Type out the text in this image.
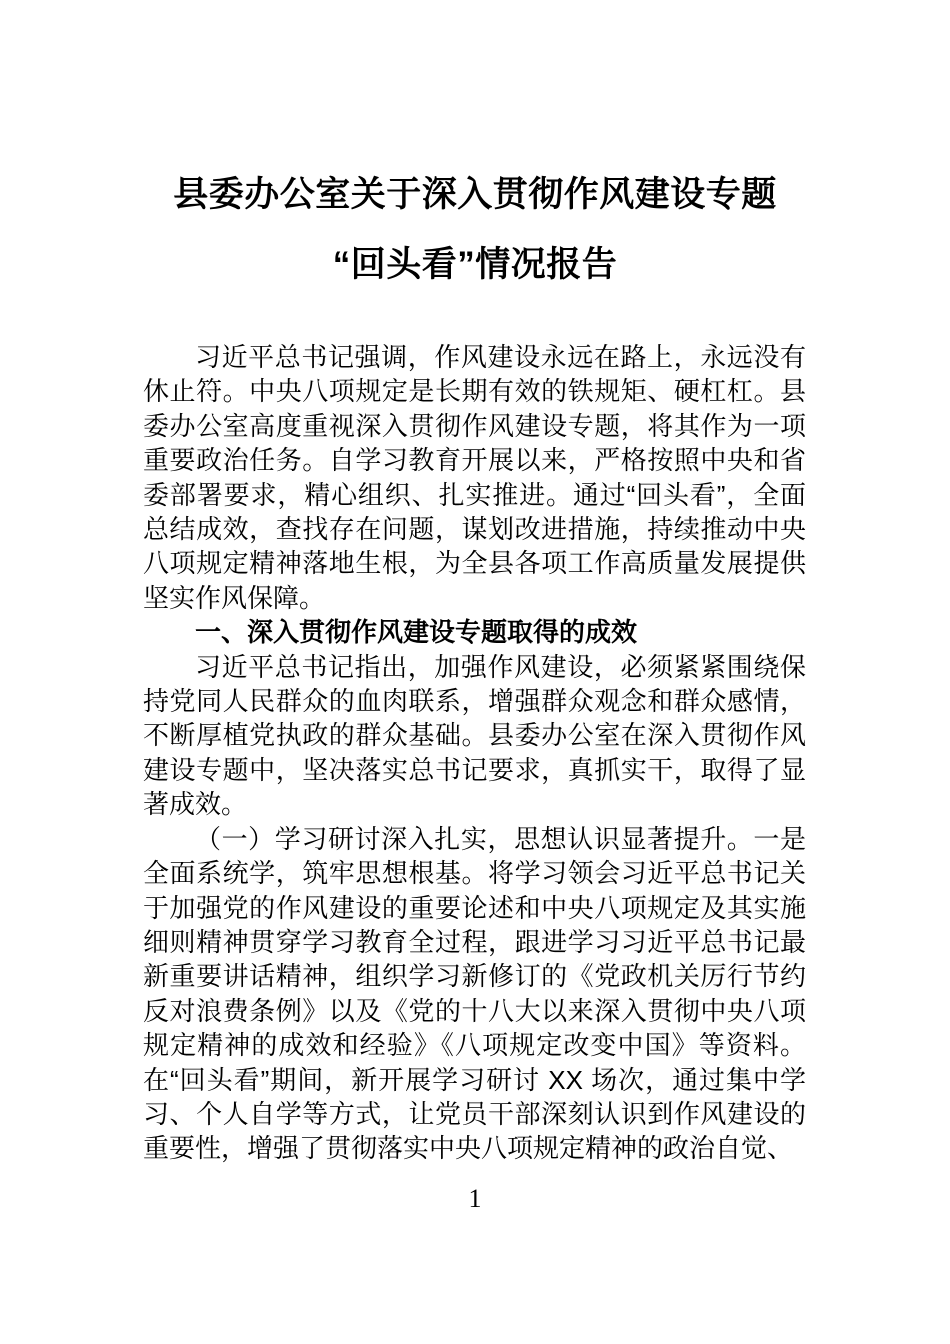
县委办公室关于深入贯彻作风建设专题
“回头看”情况报告

习近平总书记强调，作风建设永远在路上，永远没有休止符。中央八项规定是长期有效的铁规矩、硬杠杠。县委办公室高度重视深入贯彻作风建设专题，将其作为一项重要政治任务。自学习教育开展以来，严格按照中央和省委部署要求，精心组织、扎实推进。通过“回头看”，全面总结成效，查找存在问题，谋划改进措施，持续推动中央八项规定精神落地生根，为全县各项工作高质量发展提供坚实作风保障。

一、深入贯彻作风建设专题取得的成效

习近平总书记指出，加强作风建设，必须紧紧围绕保持党同人民群众的血肉联系，增强群众观念和群众感情，不断厚植党执政的群众基础。县委办公室在深入贯彻作风建设专题中，坚决落实总书记要求，真抓实干，取得了显著成效。

（一）学习研讨深入扎实，思想认识显著提升。一是全面系统学，筑牢思想根基。将学习领会习近平总书记关于加强党的作风建设的重要论述和中央八项规定及其实施细则精神贯穿学习教育全过程，跟进学习习近平总书记最新重要讲话精神，组织学习新修订的《党政机关厉行节约反对浪费条例》以及《党的十八大以来深入贯彻中央八项规定精神的成效和经验》《八项规定改变中国》等资料。在“回头看”期间，新开展学习研讨 XX 场次，通过集中学习、个人自学等方式，让党员干部深刻认识到作风建设的重要性，增强了贯彻落实中央八项规定精神的政治自觉、

1
